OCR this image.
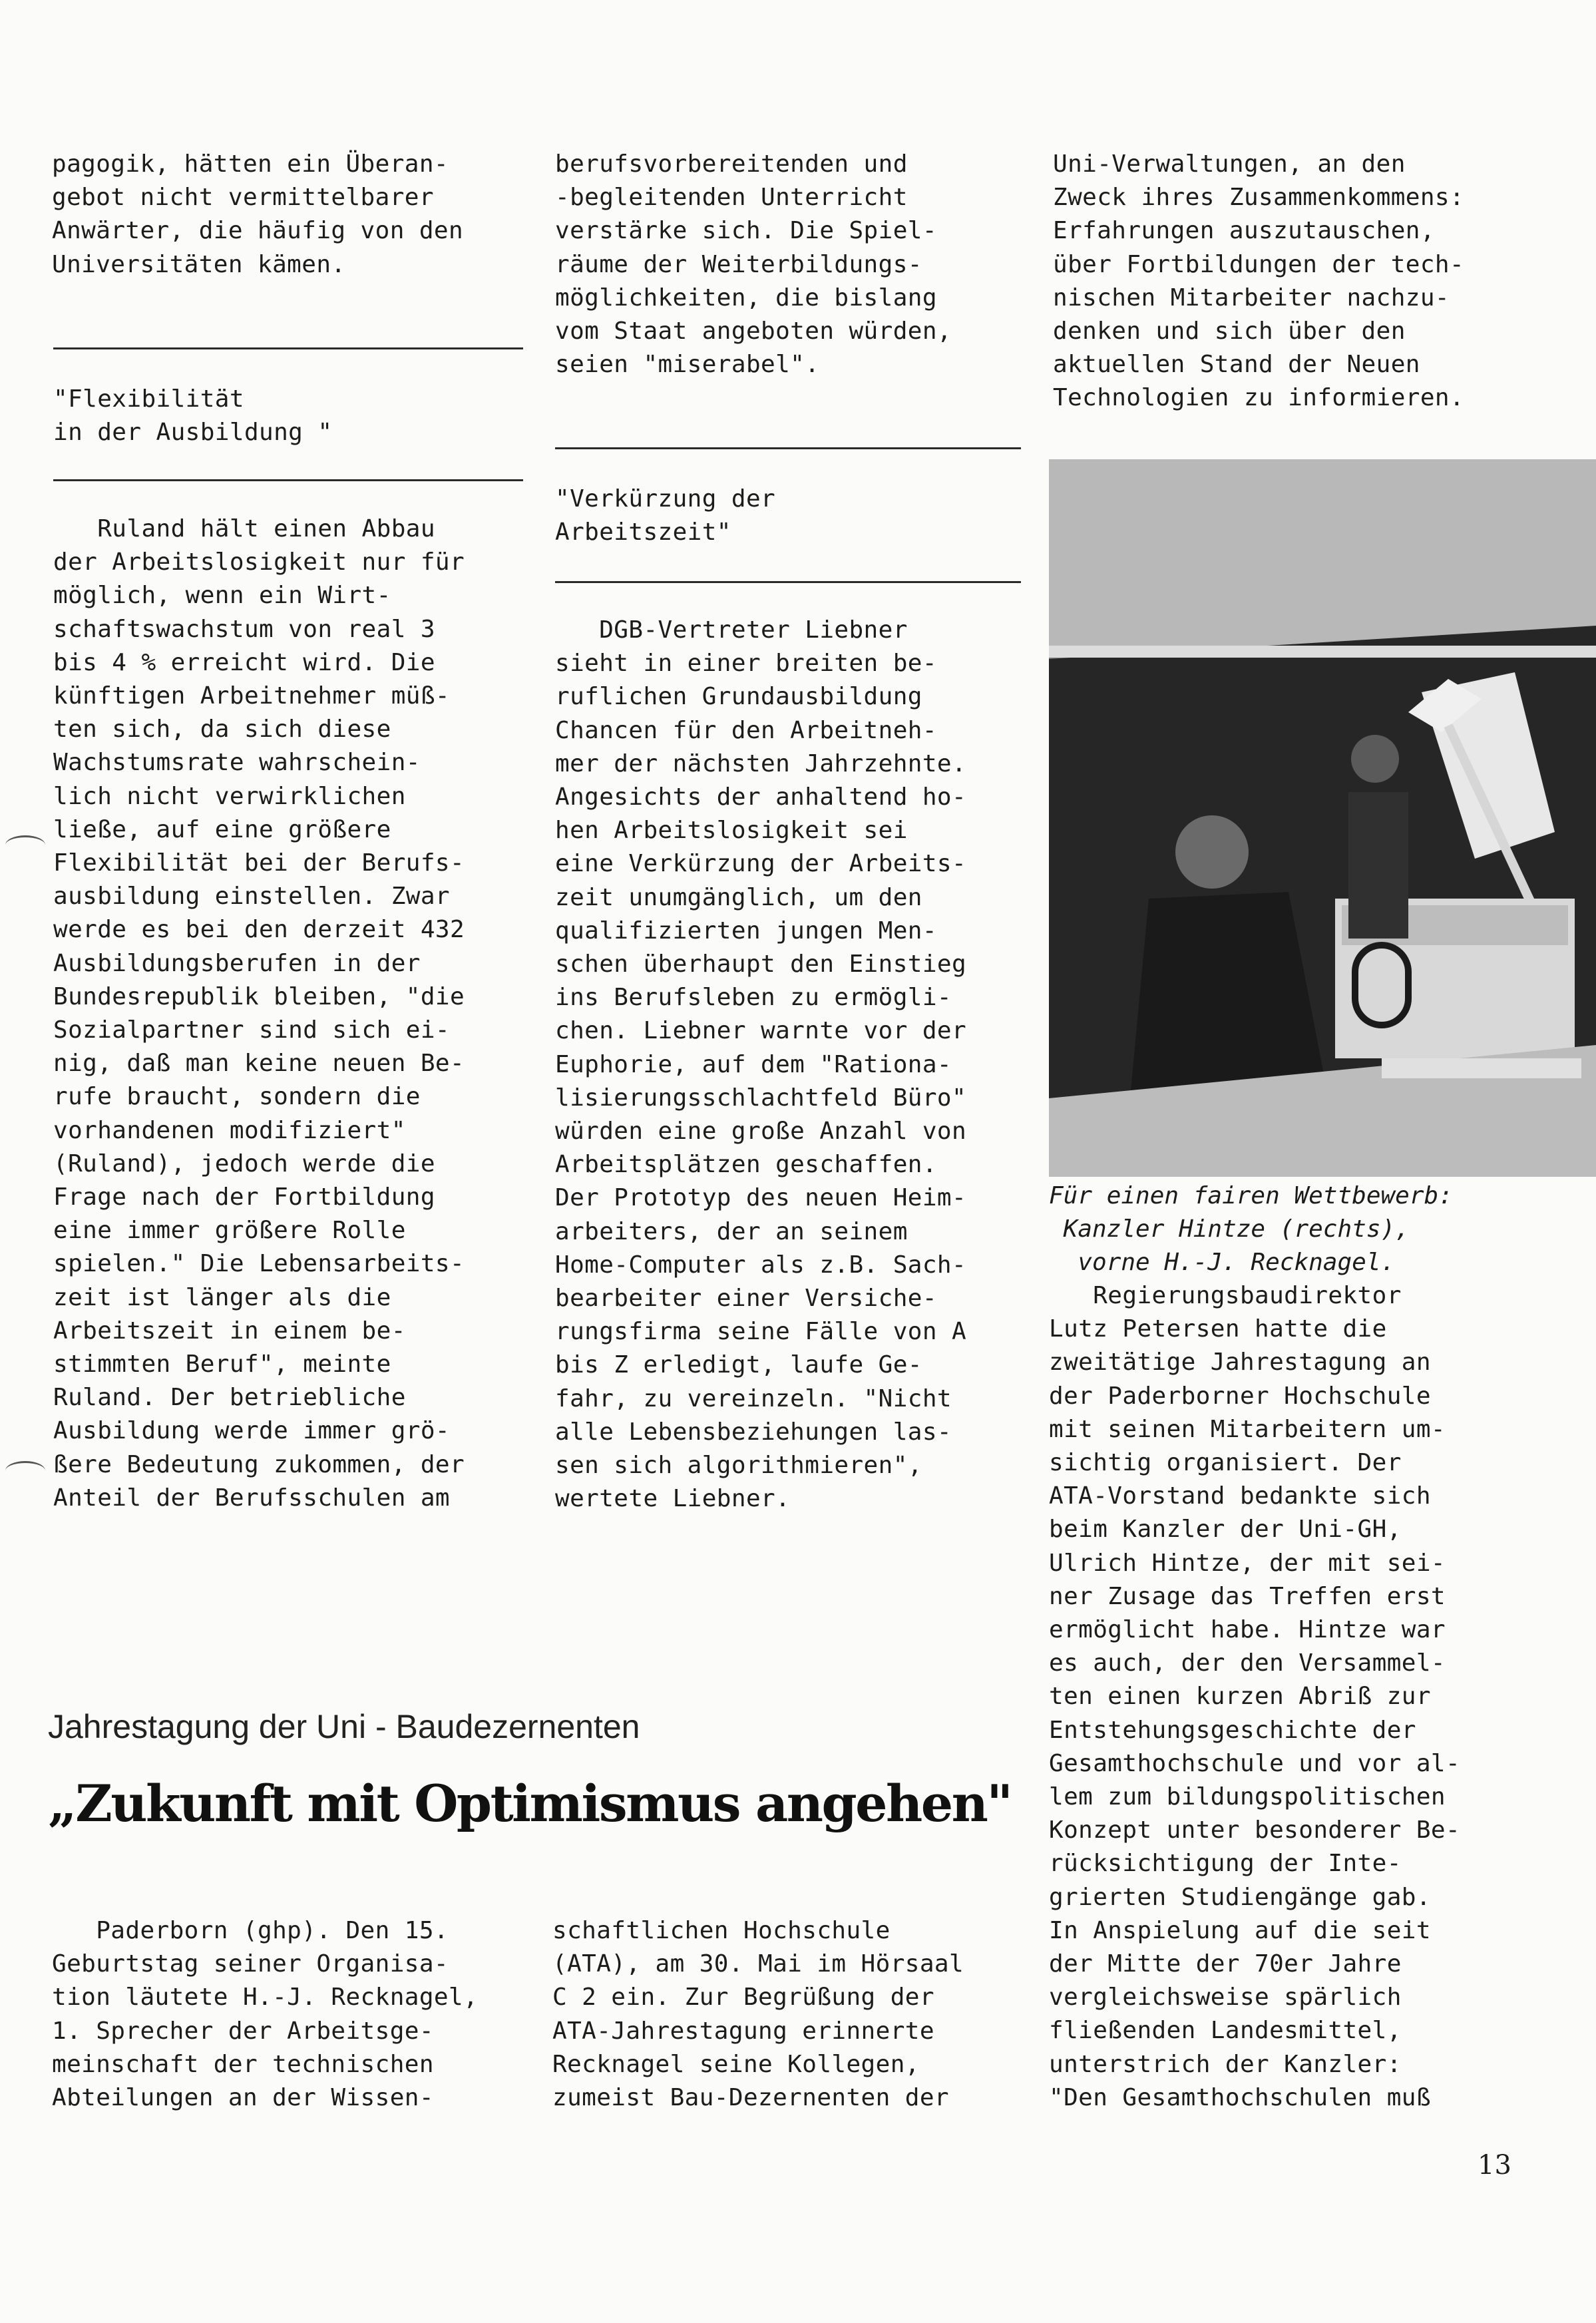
pagogik, hätten ein Überan-

gebot nicht vermittelbarer

Anwärter, die häufig von den

Universitäten kämen.

"Flexibilität

in der Ausbildung "

Ruland hält einen Abbau

der Arbeitslosigkeit nur für

möglich, wenn ein Wirt-

schaftswachstum von real 3

bis 4 % erreicht wird. Die

künftigen Arbeitnehmer müß-

ten sich, da sich diese

Wachstumsrate wahrschein-

lich nicht verwirklichen

ließe, auf eine größere

Flexibilität bei der Berufs-

ausbildung einstellen. Zwar

werde es bei den derzeit 432

Ausbildungsberufen in der

Bundesrepublik bleiben, "die

Sozialpartner sind sich ei-

nig, daß man keine neuen Be-

rufe braucht, sondern die

vorhandenen modifiziert"

(Ruland), jedoch werde die

Frage nach der Fortbildung

eine immer größere Rolle

spielen." Die Lebensarbeits-

zeit ist länger als die

Arbeitszeit in einem be-

stimmten Beruf", meinte

Ruland. Der betriebliche

Ausbildung werde immer grö-

ßere Bedeutung zukommen, der

Anteil der Berufsschulen am

berufsvorbereitenden und

-begleitenden Unterricht

verstärke sich. Die Spiel-

räume der Weiterbildungs-

möglichkeiten, die bislang

vom Staat angeboten würden,

seien "miserabel".

"Verkürzung der

Arbeitszeit"

DGB-Vertreter Liebner

sieht in einer breiten be-

ruflichen Grundausbildung

Chancen für den Arbeitneh-

mer der nächsten Jahrzehnte.

Angesichts der anhaltend ho-

hen Arbeitslosigkeit sei

eine Verkürzung der Arbeits-

zeit unumgänglich, um den

qualifizierten jungen Men-

schen überhaupt den Einstieg

ins Berufsleben zu ermögli-

chen. Liebner warnte vor der

Euphorie, auf dem "Rationa-

lisierungsschlachtfeld Büro"

würden eine große Anzahl von

Arbeitsplätzen geschaffen.

Der Prototyp des neuen Heim-

arbeiters, der an seinem

Home-Computer als z.B. Sach-

bearbeiter einer Versiche-

rungsfirma seine Fälle von A

bis Z erledigt, laufe Ge-

fahr, zu vereinzeln. "Nicht

alle Lebensbeziehungen las-

sen sich algorithmieren",

wertete Liebner.

Uni-Verwaltungen, an den

Zweck ihres Zusammenkommens:

Erfahrungen auszutauschen,

über Fortbildungen der tech-

nischen Mitarbeiter nachzu-

denken und sich über den

aktuellen Stand der Neuen

Technologien zu informieren.

Für einen fairen Wettbewerb:

Kanzler Hintze (rechts),

vorne H.-J. Recknagel.

Regierungsbaudirektor

Lutz Petersen hatte die

zweitätige Jahrestagung an

der Paderborner Hochschule

mit seinen Mitarbeitern um-

sichtig organisiert. Der

ATA-Vorstand bedankte sich

beim Kanzler der Uni-GH,

Ulrich Hintze, der mit sei-

ner Zusage das Treffen erst

ermöglicht habe. Hintze war

es auch, der den Versammel-

ten einen kurzen Abriß zur

Entstehungsgeschichte der

Gesamthochschule und vor al-

lem zum bildungspolitischen

Konzept unter besonderer Be-

rücksichtigung der Inte-

grierten Studiengänge gab.

In Anspielung auf die seit

der Mitte der 70er Jahre

vergleichsweise spärlich

fließenden Landesmittel,

unterstrich der Kanzler:

"Den Gesamthochschulen muß

Jahrestagung der Uni - Baudezernenten
„Zukunft mit Optimismus angehen"

Paderborn (ghp). Den 15.

Geburtstag seiner Organisa-

tion läutete H.-J. Recknagel,

1. Sprecher der Arbeitsge-

meinschaft der technischen

Abteilungen an der Wissen-

schaftlichen Hochschule

(ATA), am 30. Mai im Hörsaal

C 2 ein. Zur Begrüßung der

ATA-Jahrestagung erinnerte

Recknagel seine Kollegen,

zumeist Bau-Dezernenten der

13
